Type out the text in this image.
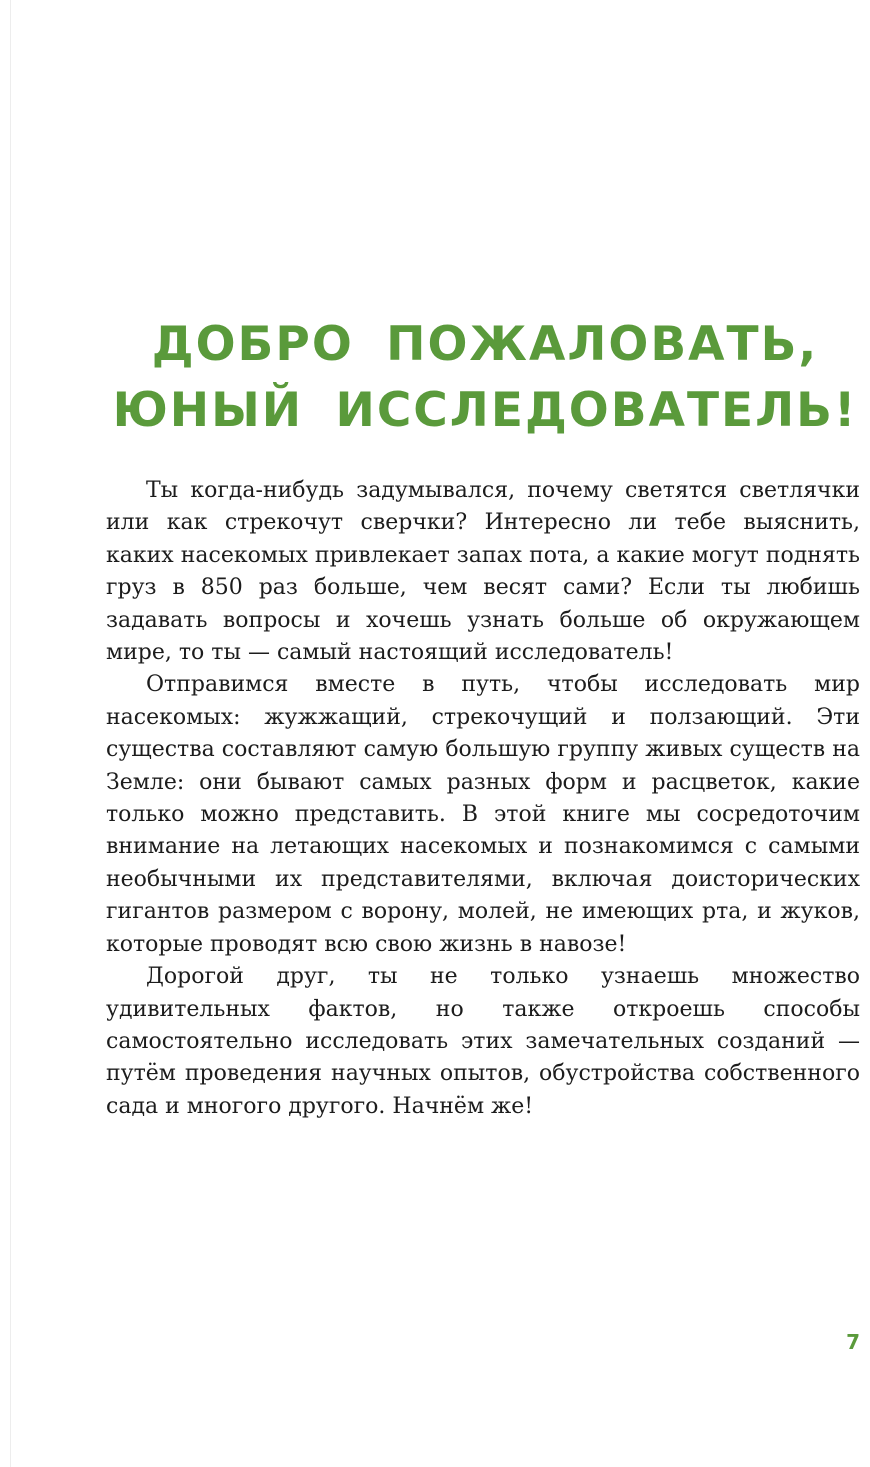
ДОБРО ПОЖАЛОВАТЬ,
ЮНЫЙ ИССЛЕДОВАТЕЛЬ!

Ты когда-нибудь задумывался, почему светятся светлячки или как стрекочут сверчки? Интересно ли тебе выяснить, каких насекомых привлекает запах пота, а какие могут поднять груз в 850 раз больше, чем весят сами? Если ты любишь задавать вопросы и хочешь узнать больше об окружающем мире, то ты — самый настоящий исследователь!

Отправимся вместе в путь, чтобы исследовать мир насекомых: жужжащий, стрекочущий и ползающий. Эти существа составляют самую большую группу живых существ на Земле: они бывают самых разных форм и расцветок, какие только можно представить. В этой книге мы сосредоточим внимание на летающих насекомых и познакомимся с самыми необычными их представителями, включая доисторических гигантов размером с ворону, молей, не имеющих рта, и жуков, которые проводят всю свою жизнь в навозе!

Дорогой друг, ты не только узнаешь множество удивительных фактов, но также откроешь способы самостоятельно исследовать этих замечательных созданий — путём проведения научных опытов, обустройства собственного сада и многого другого. Начнём же!

7
